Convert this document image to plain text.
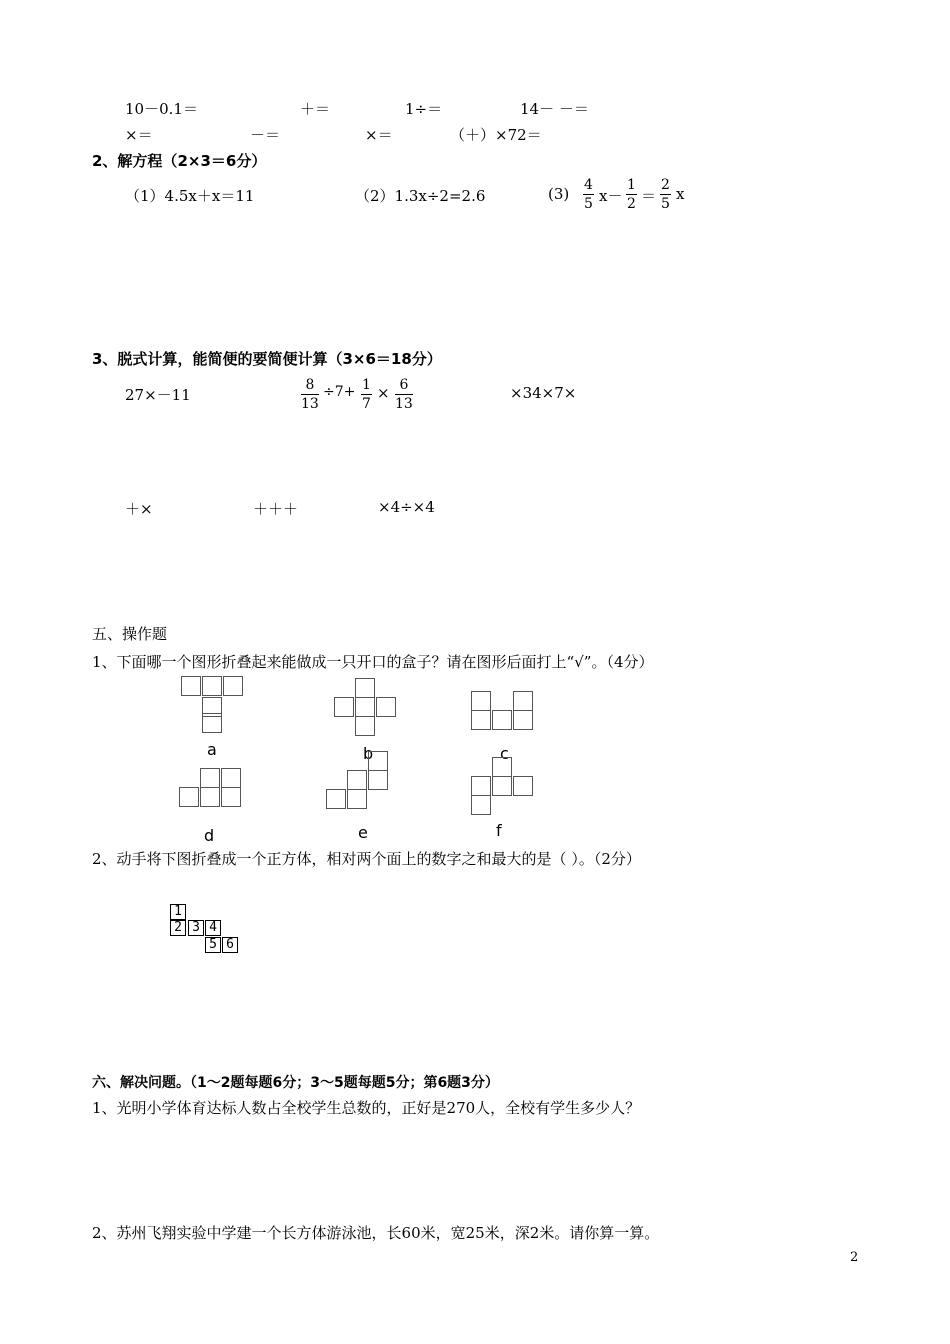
10－0.1＝	＋＝	1÷＝	14－ －＝
×＝	－＝	×＝	（＋）×72＝
2、解方程（2×3＝6分）
（1）4.5x＋x＝11	（2）1.3x÷2=2.6	$(3) \frac{4}{5} x- \frac{1}{2} = \frac{2}{5}$ x
3、脱式计算，能简便的要简便计算（3×6＝18分）
27×－11	$\frac{8}{13} \div 7+ \frac{1}{7} \times \frac{6}{13}$	×34×7×
＋×	＋＋＋	×4÷×4
五、操作题
1、下面哪一个图形折叠起来能做成一只开口的盒子？请在图形后面打上“√”。（4分）
a	b	c
d	e	f
2、动手将下图折叠成一个正方体，相对两个面上的数字之和最大的是（ ）。（2分）
1
2 3 4
5 6
六、解决问题。（1～2题每题6分；3～5题每题5分；第6题3分）
1、光明小学体育达标人数占全校学生总数的，正好是270人，全校有学生多少人？
2、苏州飞翔实验中学建一个长方体游泳池，长60米，宽25米，深2米。请你算一算。
2
